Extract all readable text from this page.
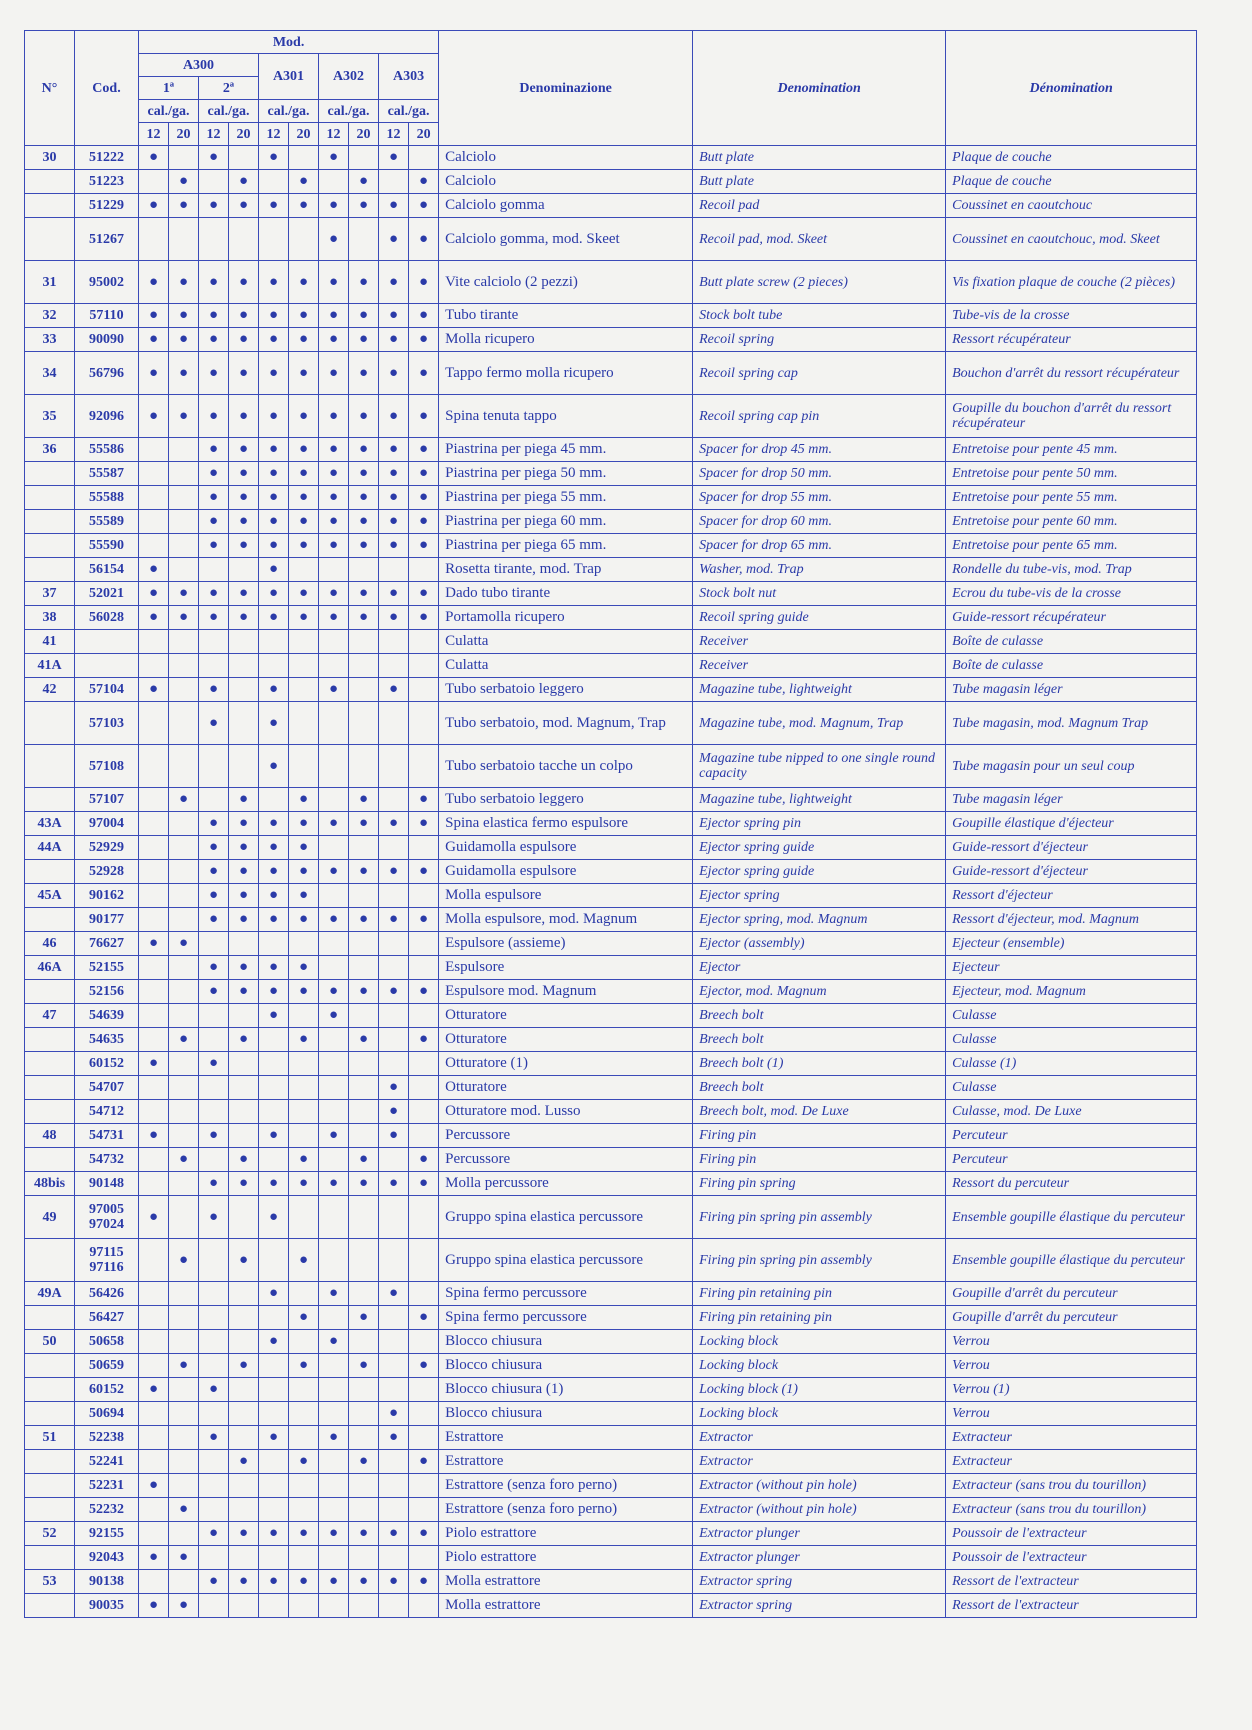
N°	Cod.	Mod.										Denominazione	Denomination	Dénomination
		A300				A301		A302		A303				
		1ª		2ª										
		cal./ga.		cal./ga.		cal./ga.		cal./ga.		cal./ga.				
		12	20	12	20	12	20	12	20	12	20			
30	51222	●		●		●		●		●		Calciolo	Butt plate	Plaque de couche
	51223		●		●		●		●		●	Calciolo	Butt plate	Plaque de couche
	51229	●	●	●	●	●	●	●	●	●	●	Calciolo gomma	Recoil pad	Coussinet en caoutchouc
	51267							●		●	●	Calciolo gomma, mod. Skeet	Recoil pad, mod. Skeet	Coussinet en caoutchouc, mod. Skeet
31	95002	●	●	●	●	●	●	●	●	●	●	Vite calciolo (2 pezzi)	Butt plate screw (2 pieces)	Vis fixation plaque de couche (2 pièces)
32	57110	●	●	●	●	●	●	●	●	●	●	Tubo tirante	Stock bolt tube	Tube-vis de la crosse
33	90090	●	●	●	●	●	●	●	●	●	●	Molla ricupero	Recoil spring	Ressort récupérateur
34	56796	●	●	●	●	●	●	●	●	●	●	Tappo fermo molla ricupero	Recoil spring cap	Bouchon d'arrêt du ressort récupérateur
35	92096	●	●	●	●	●	●	●	●	●	●	Spina tenuta tappo	Recoil spring cap pin	Goupille du bouchon d'arrêt du ressort récupérateur
36	55586			●	●	●	●	●	●	●	●	Piastrina per piega 45 mm.	Spacer for drop 45 mm.	Entretoise pour pente 45 mm.
	55587			●	●	●	●	●	●	●	●	Piastrina per piega 50 mm.	Spacer for drop 50 mm.	Entretoise pour pente 50 mm.
	55588			●	●	●	●	●	●	●	●	Piastrina per piega 55 mm.	Spacer for drop 55 mm.	Entretoise pour pente 55 mm.
	55589			●	●	●	●	●	●	●	●	Piastrina per piega 60 mm.	Spacer for drop 60 mm.	Entretoise pour pente 60 mm.
	55590			●	●	●	●	●	●	●	●	Piastrina per piega 65 mm.	Spacer for drop 65 mm.	Entretoise pour pente 65 mm.
	56154	●				●						Rosetta tirante, mod. Trap	Washer, mod. Trap	Rondelle du tube-vis, mod. Trap
37	52021	●	●	●	●	●	●	●	●	●	●	Dado tubo tirante	Stock bolt nut	Ecrou du tube-vis de la crosse
38	56028	●	●	●	●	●	●	●	●	●	●	Portamolla ricupero	Recoil spring guide	Guide-ressort récupérateur
41												Culatta	Receiver	Boîte de culasse
41A												Culatta	Receiver	Boîte de culasse
42	57104	●		●		●		●		●		Tubo serbatoio leggero	Magazine tube, lightweight	Tube magasin léger
	57103			●		●						Tubo serbatoio, mod. Magnum, Trap	Magazine tube, mod. Magnum, Trap	Tube magasin, mod. Magnum Trap
	57108					●						Tubo serbatoio tacche un colpo	Magazine tube nipped to one single round capacity	Tube magasin pour un seul coup
	57107		●		●		●		●		●	Tubo serbatoio leggero	Magazine tube, lightweight	Tube magasin léger
43A	97004			●	●	●	●	●	●	●	●	Spina elastica fermo espulsore	Ejector spring pin	Goupille élastique d'éjecteur
44A	52929			●	●	●	●					Guidamolla espulsore	Ejector spring guide	Guide-ressort d'éjecteur
	52928			●	●	●	●	●	●	●	●	Guidamolla espulsore	Ejector spring guide	Guide-ressort d'éjecteur
45A	90162			●	●	●	●					Molla espulsore	Ejector spring	Ressort d'éjecteur
	90177			●	●	●	●	●	●	●	●	Molla espulsore, mod. Magnum	Ejector spring, mod. Magnum	Ressort d'éjecteur, mod. Magnum
46	76627	●	●									Espulsore (assieme)	Ejector (assembly)	Ejecteur (ensemble)
46A	52155			●	●	●	●					Espulsore	Ejector	Ejecteur
	52156			●	●	●	●	●	●	●	●	Espulsore mod. Magnum	Ejector, mod. Magnum	Ejecteur, mod. Magnum
47	54639					●		●				Otturatore	Breech bolt	Culasse
	54635		●		●		●		●		●	Otturatore	Breech bolt	Culasse
	60152	●		●								Otturatore (1)	Breech bolt (1)	Culasse (1)
	54707									●		Otturatore	Breech bolt	Culasse
	54712									●		Otturatore mod. Lusso	Breech bolt, mod. De Luxe	Culasse, mod. De Luxe
48	54731	●		●		●		●		●		Percussore	Firing pin	Percuteur
	54732		●		●		●		●		●	Percussore	Firing pin	Percuteur
48bis	90148			●	●	●	●	●	●	●	●	Molla percussore	Firing pin spring	Ressort du percuteur
49	97005 97024	●		●		●						Gruppo spina elastica percussore	Firing pin spring pin assembly	Ensemble goupille élastique du percuteur
	97115 97116		●		●		●					Gruppo spina elastica percussore	Firing pin spring pin assembly	Ensemble goupille élastique du percuteur
49A	56426					●		●		●		Spina fermo percussore	Firing pin retaining pin	Goupille d'arrêt du percuteur
	56427						●		●		●	Spina fermo percussore	Firing pin retaining pin	Goupille d'arrêt du percuteur
50	50658					●		●				Blocco chiusura	Locking block	Verrou
	50659		●		●		●		●		●	Blocco chiusura	Locking block	Verrou
	60152	●		●								Blocco chiusura (1)	Locking block (1)	Verrou (1)
	50694									●		Blocco chiusura	Locking block	Verrou
51	52238			●		●		●		●		Estrattore	Extractor	Extracteur
	52241				●		●		●		●	Estrattore	Extractor	Extracteur
	52231	●										Estrattore (senza foro perno)	Extractor (without pin hole)	Extracteur (sans trou du tourillon)
	52232		●									Estrattore (senza foro perno)	Extractor (without pin hole)	Extracteur (sans trou du tourillon)
52	92155			●	●	●	●	●	●	●	●	Piolo estrattore	Extractor plunger	Poussoir de l'extracteur
	92043	●	●									Piolo estrattore	Extractor plunger	Poussoir de l'extracteur
53	90138			●	●	●	●	●	●	●	●	Molla estrattore	Extractor spring	Ressort de l'extracteur
	90035	●	●									Molla estrattore	Extractor spring	Ressort de l'extracteur
